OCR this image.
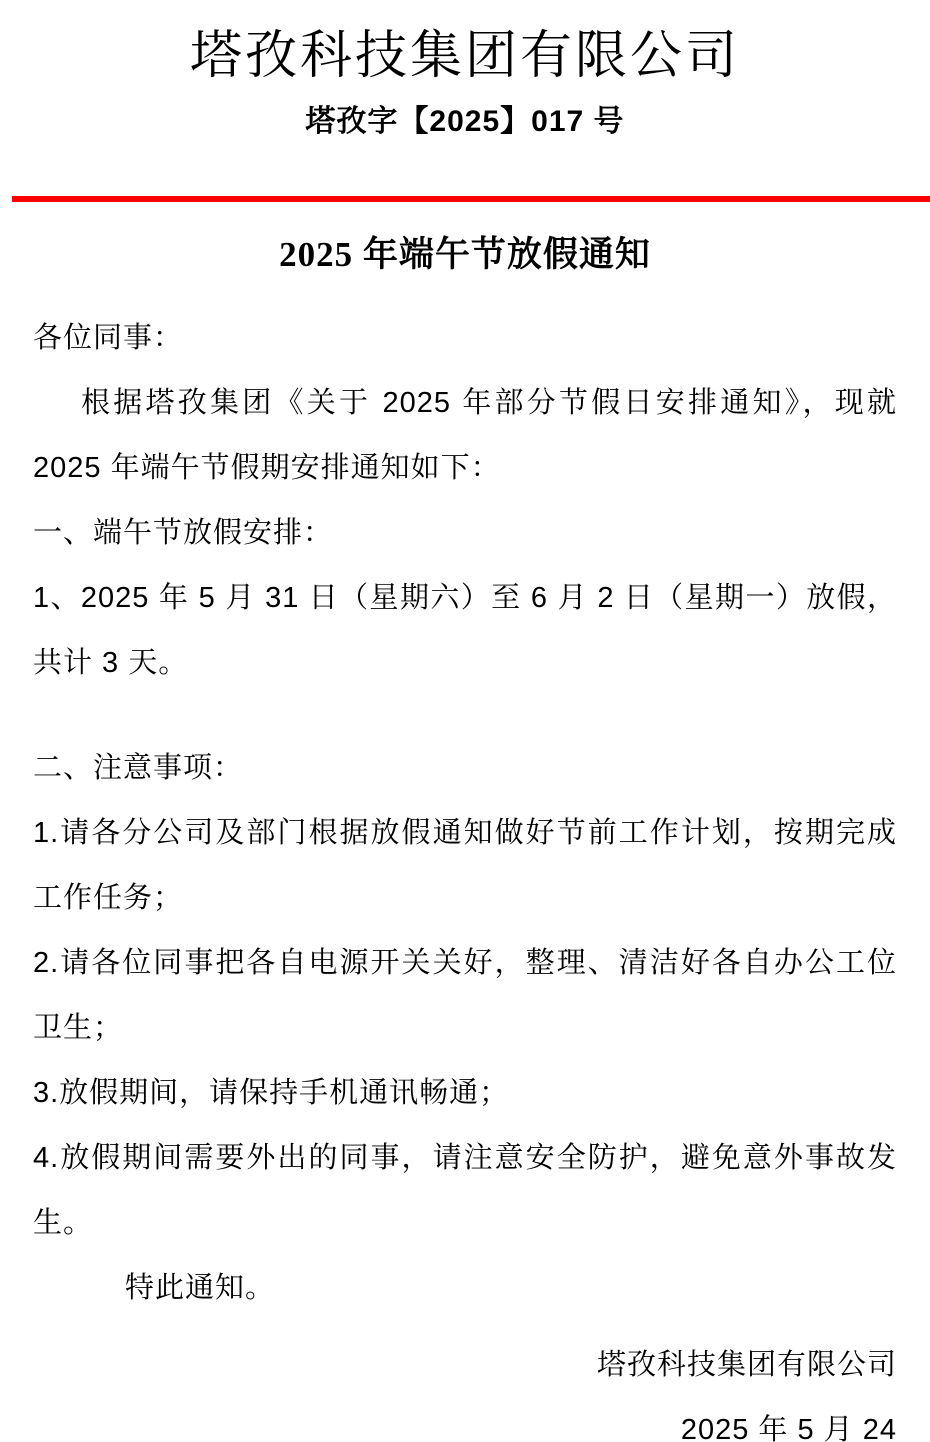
塔孜科技集团有限公司
塔孜字【2025】017 号
2025 年端午节放假通知

各位同事：

根据塔孜集团《关于 2025 年部分节假日安排通知》，现就 2025 年端午节假期安排通知如下：

一、端午节放假安排：

1、2025 年 5 月 31 日（星期六）至 6 月 2 日（星期一）放假，共计 3 天。

二、注意事项：

1.请各分公司及部门根据放假通知做好节前工作计划，按期完成工作任务；

2.请各位同事把各自电源开关关好，整理、清洁好各自办公工位卫生；

3.放假期间，请保持手机通讯畅通；

4.放假期间需要外出的同事，请注意安全防护，避免意外事故发生。

特此通知。

塔孜科技集团有限公司

2025 年 5 月 24
